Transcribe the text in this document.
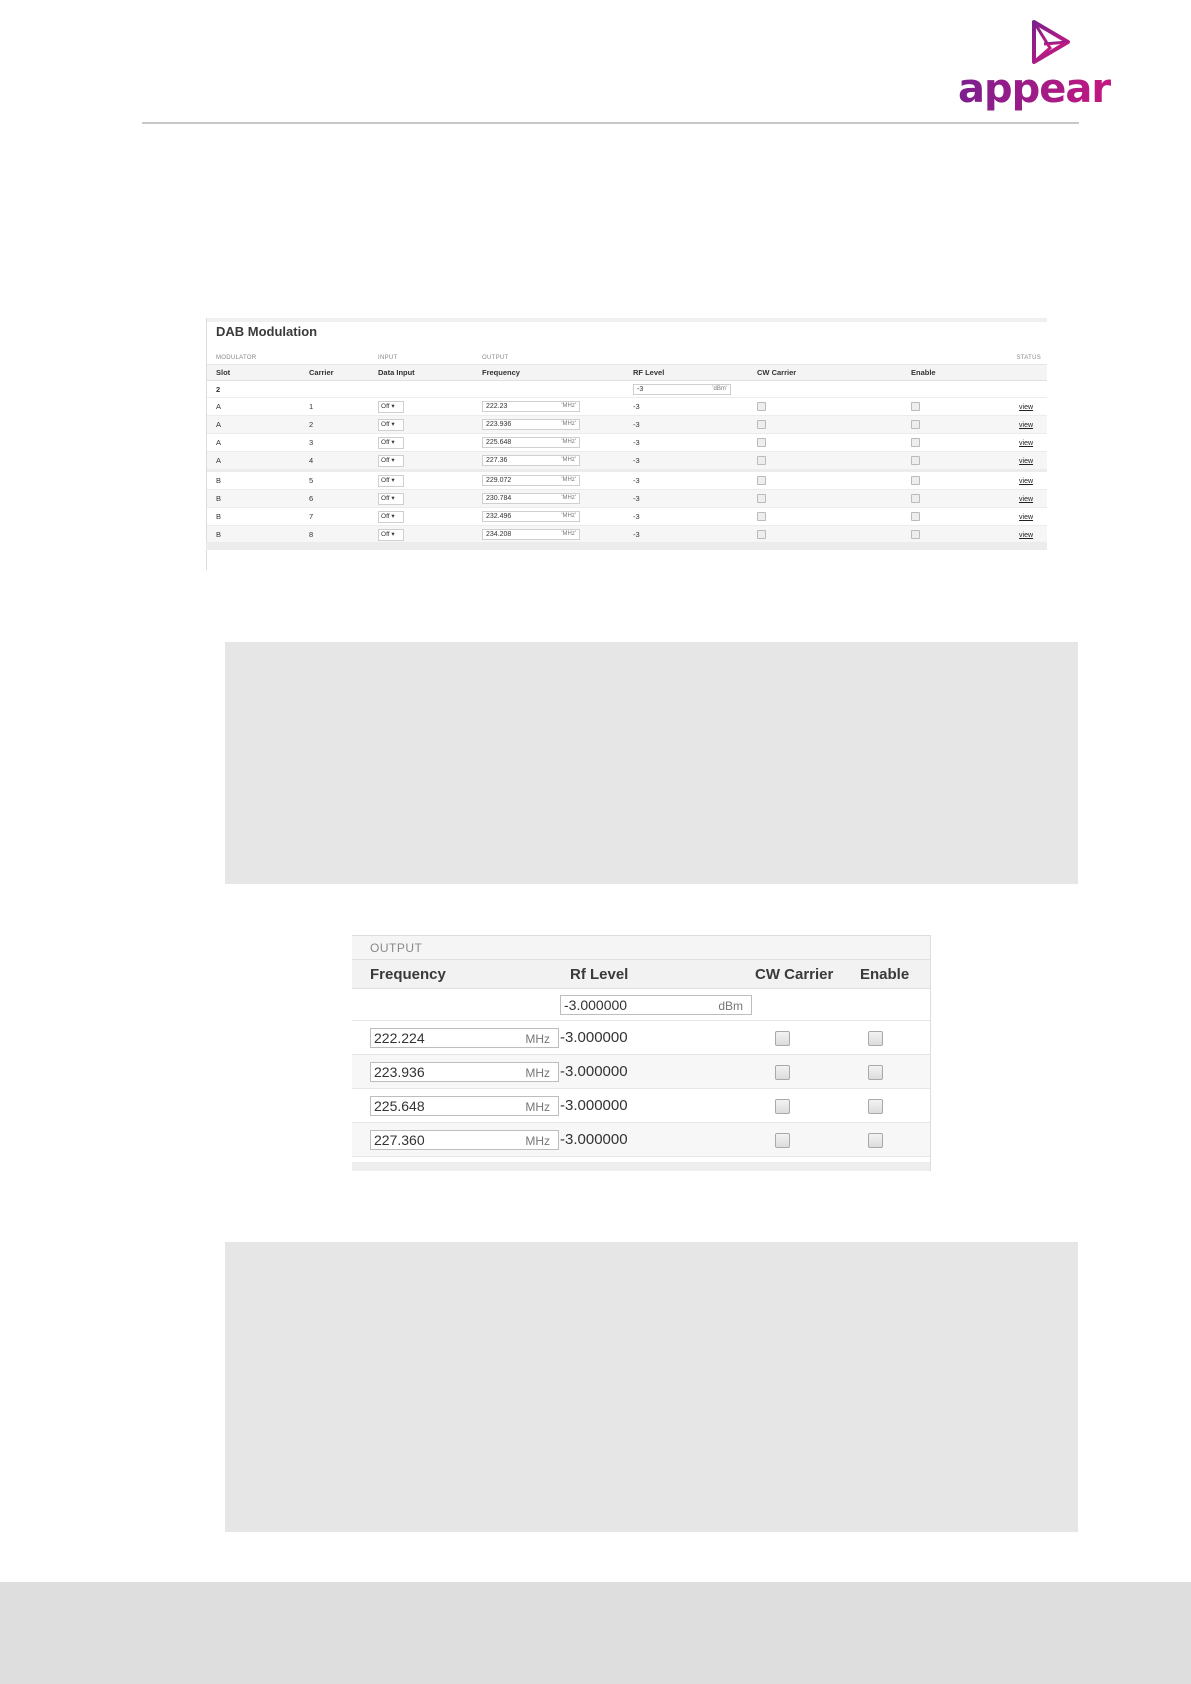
appear
DAB Modulation
MODULATOR		INPUT	OUTPUT				STATUS
Slot	Carrier	Data Input	Frequency	RF Level	CW Carrier	Enable	
2				-3 'dBm'			

A	1	Off ▾	222.23 'MHz'	-3			view
A	2	Off ▾	223.936 'MHz'	-3			view
A	3	Off ▾	225.648 'MHz'	-3			view
A	4	Off ▾	227.36 'MHz'	-3			view
B	5	Off ▾	229.072 'MHz'	-3			view
B	6	Off ▾	230.784 'MHz'	-3			view
B	7	Off ▾	232.496 'MHz'	-3			view
B	8	Off ▾	234.208 'MHz'	-3			view
OUTPUT			
Frequency	Rf Level	CW Carrier	Enable
	-3.000000 dBm		

222.224 MHz	-3.000000		
223.936 MHz	-3.000000		
225.648 MHz	-3.000000		
227.360 MHz	-3.000000		
